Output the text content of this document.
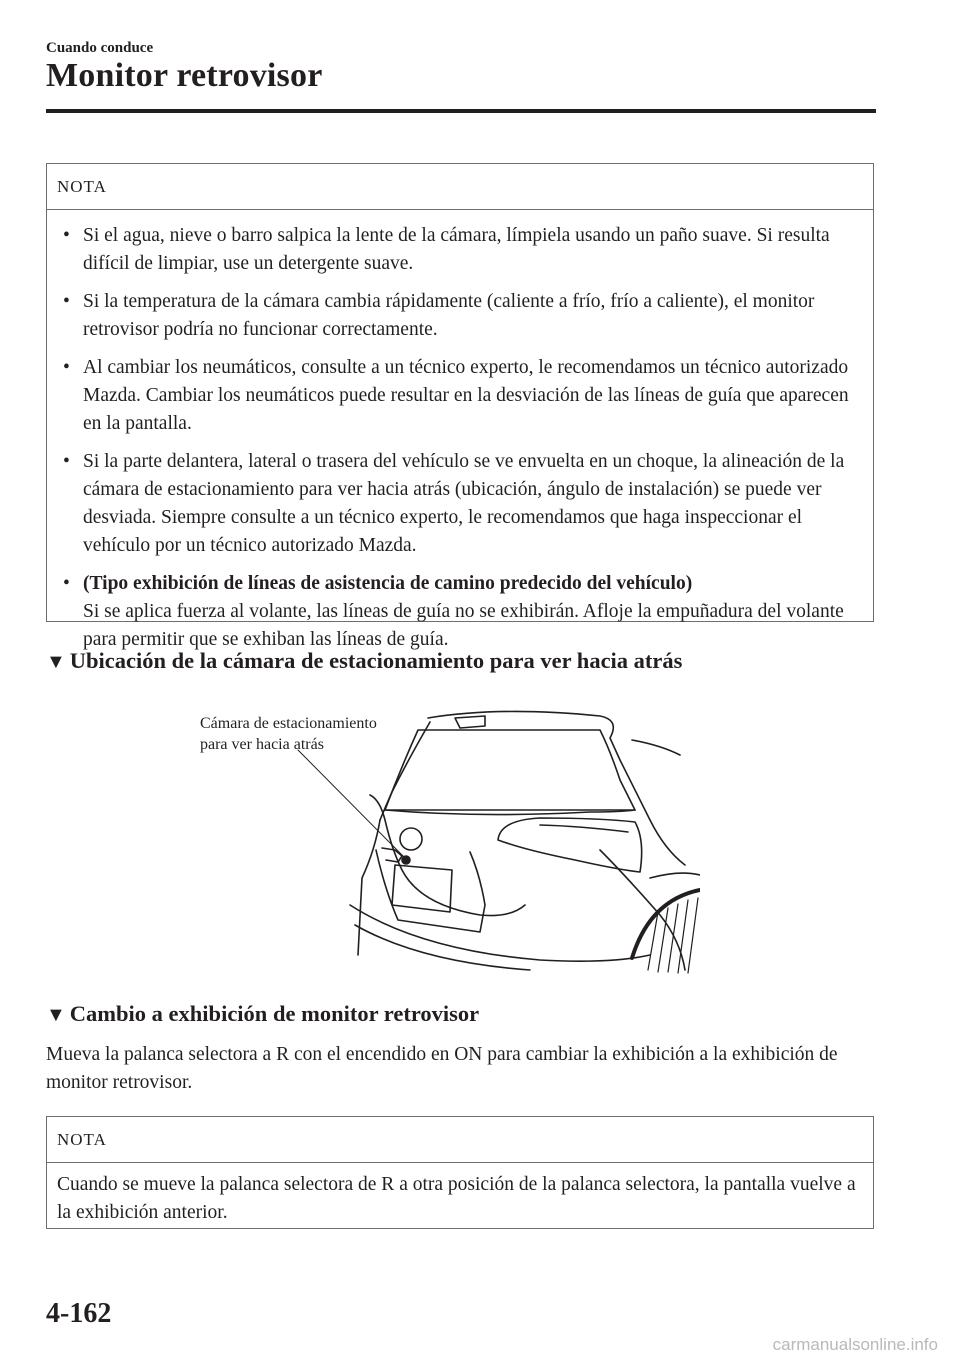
Cuando conduce
Monitor retrovisor
NOTA
• Si el agua, nieve o barro salpica la lente de la cámara, límpiela usando un paño suave. Si resulta difícil de limpiar, use un detergente suave.
• Si la temperatura de la cámara cambia rápidamente (caliente a frío, frío a caliente), el monitor retrovisor podría no funcionar correctamente.
• Al cambiar los neumáticos, consulte a un técnico experto, le recomendamos un técnico autorizado Mazda. Cambiar los neumáticos puede resultar en la desviación de las líneas de guía que aparecen en la pantalla.
• Si la parte delantera, lateral o trasera del vehículo se ve envuelta en un choque, la alineación de la cámara de estacionamiento para ver hacia atrás (ubicación, ángulo de instalación) se puede ver desviada. Siempre consulte a un técnico experto, le recomendamos que haga inspeccionar el vehículo por un técnico autorizado Mazda.
• (Tipo exhibición de líneas de asistencia de camino predecido del vehículo)
Si se aplica fuerza al volante, las líneas de guía no se exhibirán. Afloje la empuñadura del volante para permitir que se exhiban las líneas de guía.
▼ Ubicación de la cámara de estacionamiento para ver hacia atrás
Cámara de estacionamiento
para ver hacia atrás
▼ Cambio a exhibición de monitor retrovisor
Mueva la palanca selectora a R con el encendido en ON para cambiar la exhibición a la exhibición de monitor retrovisor.
NOTA
Cuando se mueve la palanca selectora de R a otra posición de la palanca selectora, la pantalla vuelve a la exhibición anterior.
4-162
carmanualsonline.info
